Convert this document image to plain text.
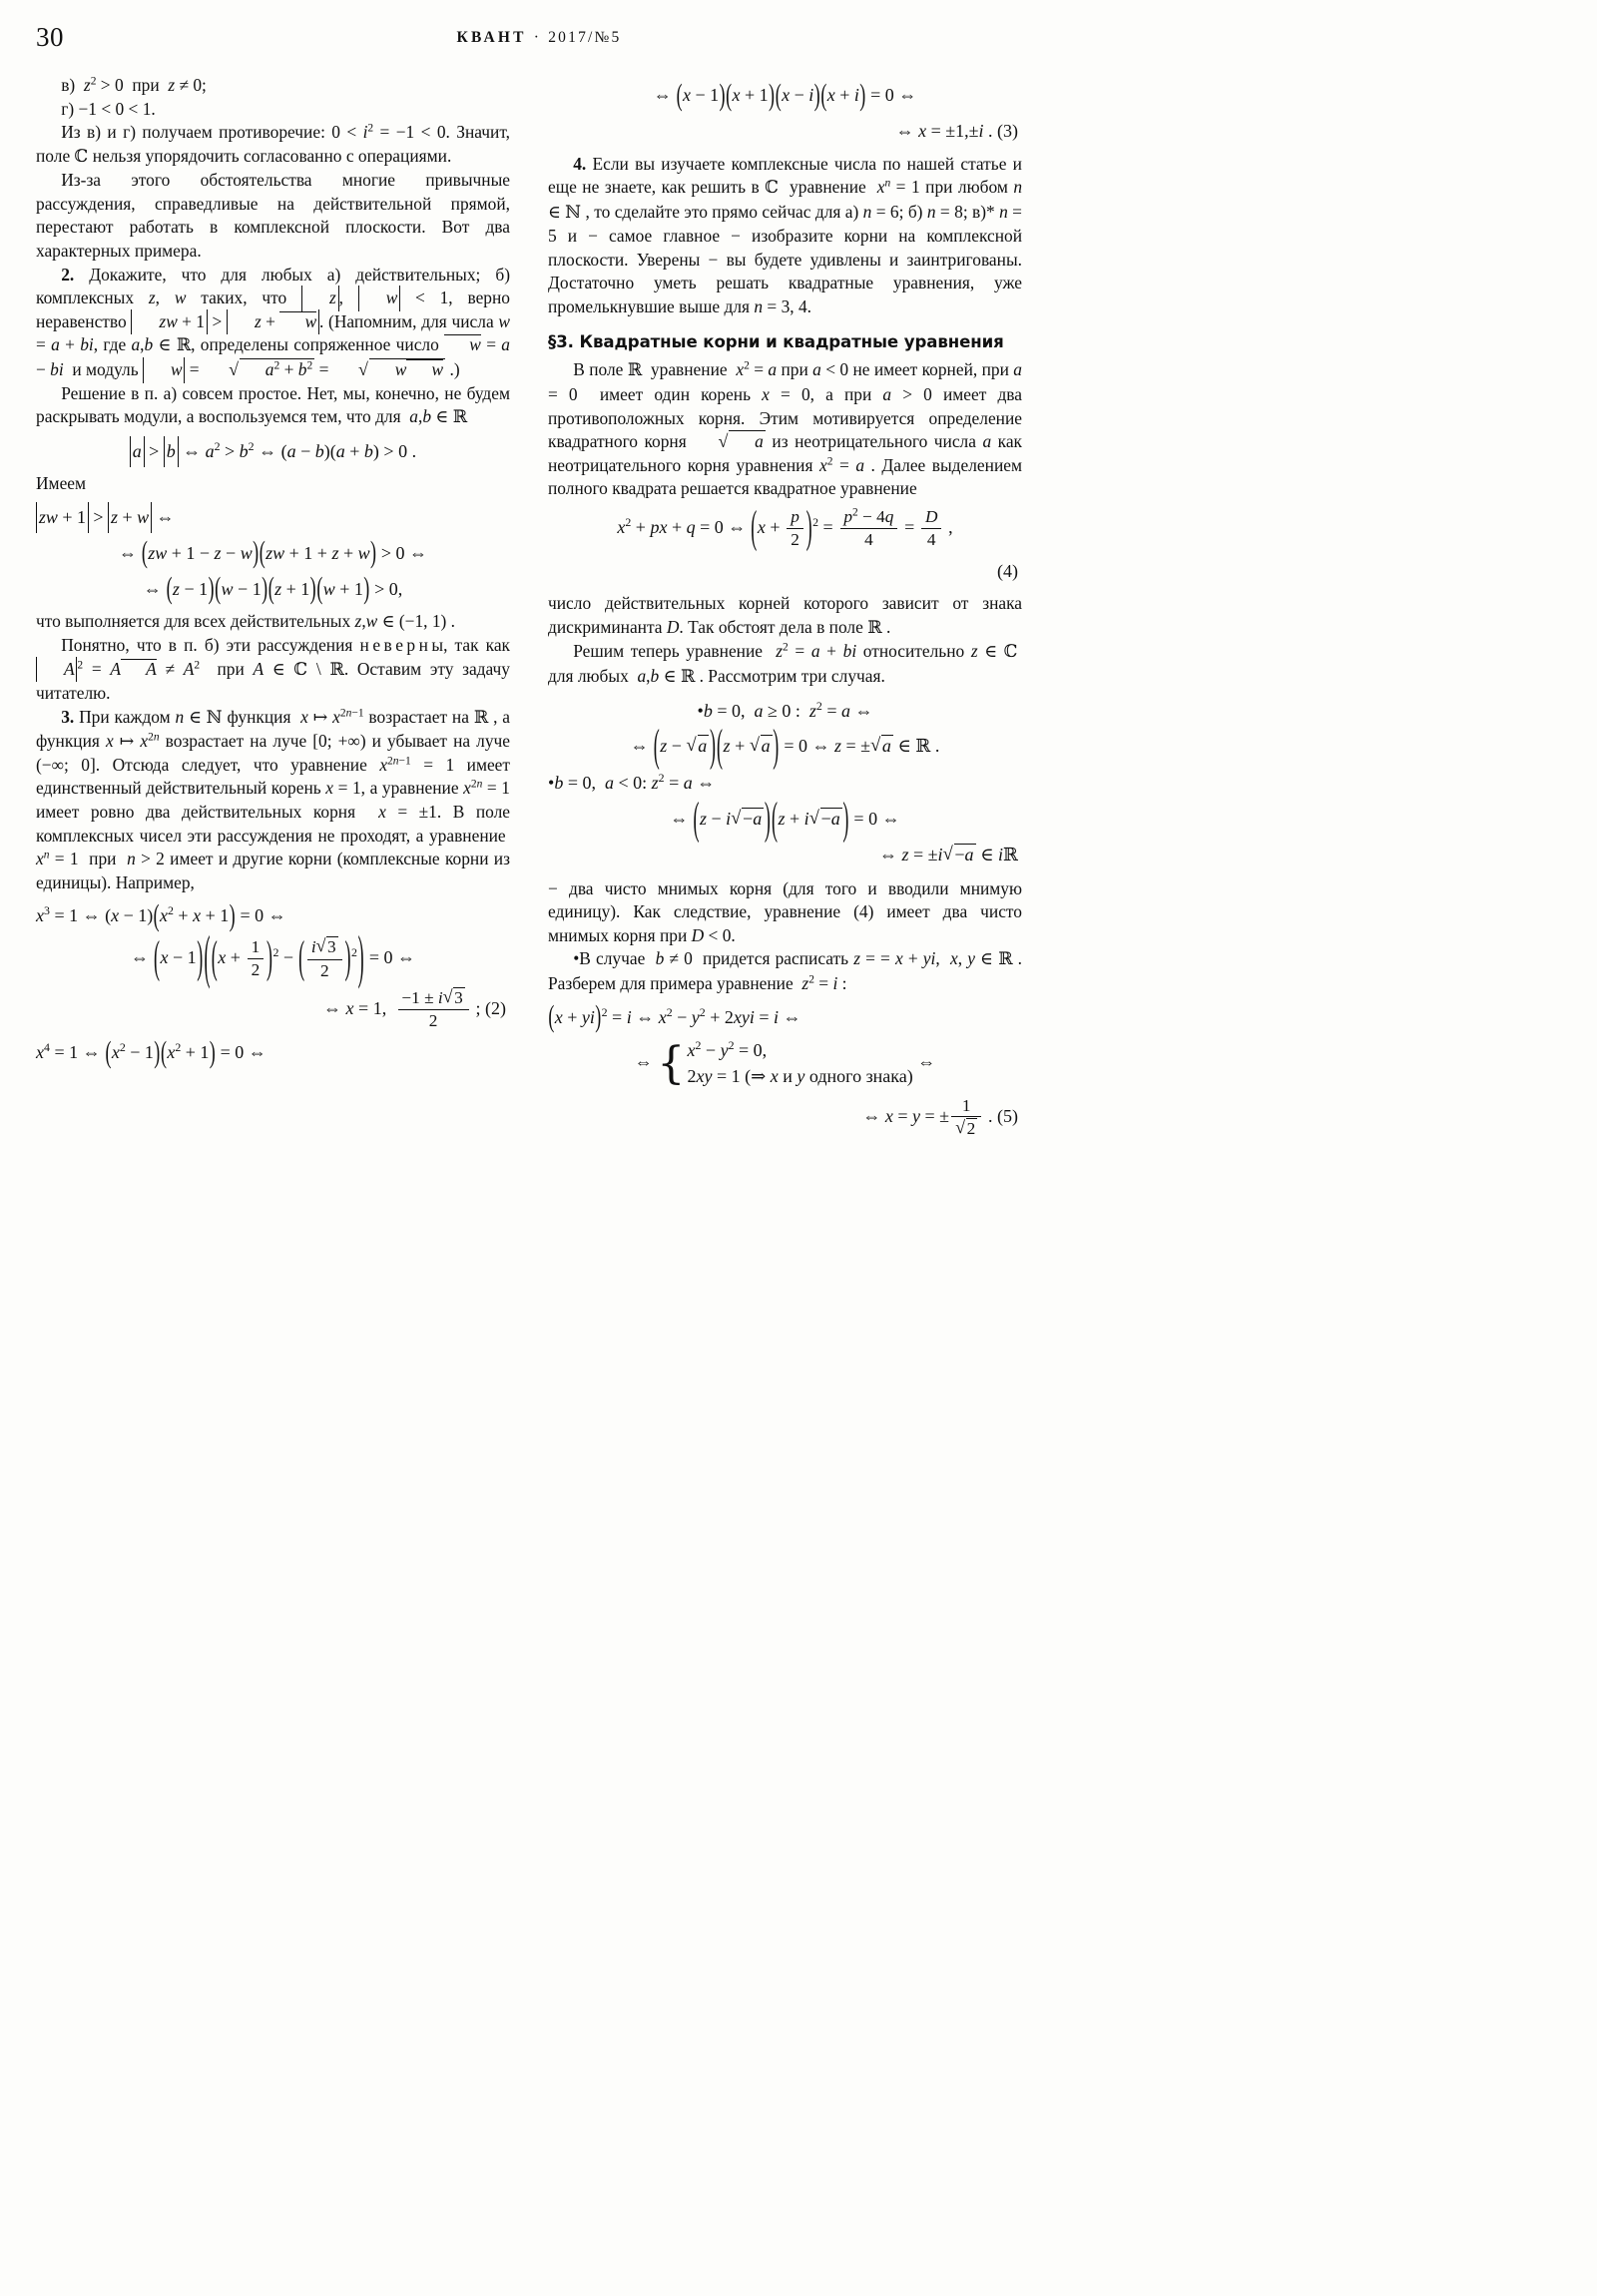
30	КВАНТ · 2017/№5

в)  $z^2 > 0$  при  z ≠ 0;

г) −1 < 0 < 1.

Из в) и г) получаем противоречие: $0 < i^2 = -1 < 0$. Значит, поле ℂ нельзя упорядочить согласованно с операциями.

Из-за этого обстоятельства многие привычные рассуждения, справедливые на действительной прямой, перестают работать в комплексной плоскости. Вот два характерных примера.

2. Докажите, что для любых а) действительных; б) комплексных z, w таких, что z , w < 1, верно неравенство zw + 1 > z + w . (Напомним, для числа w = a + bi, где a,b ∈ ℝ, определены сопряженное число w = a − bi  и модуль w =	√ $a^2 + b^2$ =	√ w w .)

Решение в п. а) совсем простое. Нет, мы, конечно, не будем раскрывать модули, а воспользуемся тем, что для  a,b ∈ ℝ

a > b ⇔ $a^2 > b^2$ ⇔ (a − b)(a + b) > 0 .

Имеем

zw + 1 > z + w ⇔
⇔ (zw + 1 − z − w)(zw + 1 + z + w) > 0 ⇔
⇔ (z − 1)(w − 1)(z + 1)(w + 1) > 0,

что выполняется для всех действительных z,w ∈ (−1, 1) .

Понятно, что в п. б) эти рассуждения н е в е р н ы, так как A $^2$ = A $A \ne A^2$  при A ∈ ℂ \ ℝ. Оставим эту задачу читателю.

3. При каждом n ∈ ℕ функция  x ↦ $x^{2n-1}$ возрастает на ℝ , а функция x ↦ $x^{2n}$ возрастает на луче [0; +∞) и убывает на луче (−∞; 0]. Отсюда следует, что уравнение $x^{2n-1} = 1$ имеет единственный действительный корень x = 1, а уравнение $x^{2n} = 1$ имеет ровно два действительных корня  x = ±1. В поле комплексных чисел эти рассуждения не проходят, а уравнение  $x^n = 1$  при  n > 2 имеет и другие корни (комплексные корни из единицы). Например,

$x^3 = 1$ ⇔ $(x - 1)(x^2 + x + 1) = 0$ ⇔
⇔ $(x - 1)((x + \frac{1}{2} )^2$ − ( $\frac{i √ 3}{2} )^2) = 0$ ⇔
⇔ x = 1, $\frac{-1 \pm i √ 3}{2}$ ; (2)
$x^4 = 1$ ⇔ $(x^2 - 1)(x^2 + 1) = 0$ ⇔
⇔ (x − 1)(x + 1)(x − i)(x + i) = 0 ⇔
⇔ x = ±1,±i . (3)

4. Если вы изучаете комплексные числа по нашей статье и еще не знаете, как решить в ℂ  уравнение  $x^n = 1$ при любом n ∈ ℕ , то сделайте это прямо сейчас для а) n = 6; б) n = 8; в)* n = 5 и − самое главное − изобразите корни на комплексной плоскости. Уверены − вы будете удивлены и заинтригованы. Достаточно уметь решать квадратные уравнения, уже промелькнувшие выше для n = 3, 4.

§3. Квадратные корни и квадратные уравнения

В поле ℝ  уравнение  $x^2 = a$ при a < 0 не имеет корней, при a = 0  имеет один корень x = 0, а при a > 0 имеет два противоположных корня. Этим мотивируется определение квадратного корня	√ a из неотрицательного числа a как неотрицательного корня уравнения $x^2 = a$ . Далее выделением полного квадрата решается квадратное уравнение

$x^2$ + px + q = 0 ⇔ $(x + \frac{p}{2} )^2 = \frac{p^2 - 4q}{4} = \frac{D}{4}$ ,
(4)

число действительных корней которого зависит от знака дискриминанта D. Так обстоят дела в поле ℝ .

Решим теперь уравнение  $z^2 = a$ + bi относительно z ∈ ℂ  для любых  a,b ∈ ℝ . Рассмотрим три случая.

•b = 0,  a ≥ 0 :  $z^2 = a$ ⇔
⇔ (z − √ a )(z + √ a ) = 0 ⇔ z = ± √ a ∈ ℝ .
•b = 0,  a < 0: $z^2 = a$ ⇔
⇔ (z − i √ −a )(z + i √ −a ) = 0 ⇔
⇔ z = ±i √ −a ∈ iℝ

− два чисто мнимых корня (для того и вводили мнимую единицу). Как следствие, уравнение (4) имеет два чисто мнимых корня при D < 0.

•В случае  b ≠ 0  придется расписать z = = x + yi,  x, y ∈ ℝ . Разберем для примера уравнение  $z^2 = i$ :

(x + yi)$^2$ = i ⇔ $x^2 - y^2 + 2xyi = i$ ⇔
⇔ { $x^2 - y^2 = 0$,
2xy = 1 (⇒ x и y одного знака)
⇔
⇔ x = y = ± 1
√ 2 . (5)
